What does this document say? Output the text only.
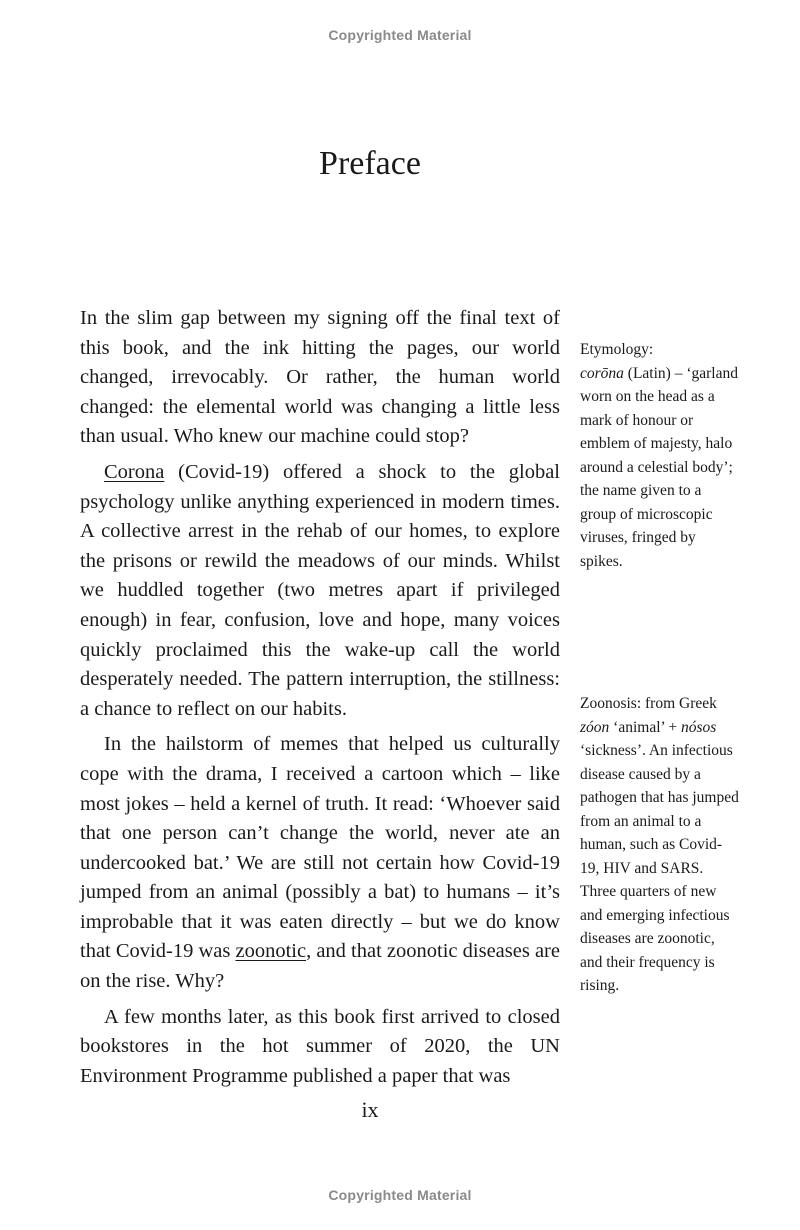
Copyrighted Material
Preface

In the slim gap between my signing off the final text of this book, and the ink hitting the pages, our world changed, irrevocably. Or rather, the human world changed: the elemental world was changing a little less than usual. Who knew our machine could stop?

Corona (Covid-19) offered a shock to the global psychology unlike anything experienced in modern times. A collective arrest in the rehab of our homes, to explore the prisons or rewild the meadows of our minds. Whilst we huddled together (two metres apart if privileged enough) in fear, confusion, love and hope, many voices quickly proclaimed this the wake-up call the world desperately needed. The pattern interruption, the stillness: a chance to reflect on our habits.

In the hailstorm of memes that helped us culturally cope with the drama, I received a cartoon which – like most jokes – held a kernel of truth. It read: ‘Whoever said that one person can’t change the world, never ate an undercooked bat.’ We are still not certain how Covid-19 jumped from an animal (possibly a bat) to humans – it’s improbable that it was eaten directly – but we do know that Covid-19 was zoonotic, and that zoonotic diseases are on the rise. Why?

A few months later, as this book first arrived to closed bookstores in the hot summer of 2020, the UN Environment Programme published a paper that was

Etymology:
corōna (Latin) – ‘garland worn on the head as a mark of honour or emblem of majesty, halo around a celestial body’; the name given to a group of microscopic viruses, fringed by spikes.
Zoonosis: from Greek zóon ‘animal’ + nósos ‘sickness’. An infectious disease caused by a pathogen that has jumped from an animal to a human, such as Covid-19, HIV and SARS. Three quarters of new and emerging infectious diseases are zoonotic, and their frequency is rising.
ix
Copyrighted Material
